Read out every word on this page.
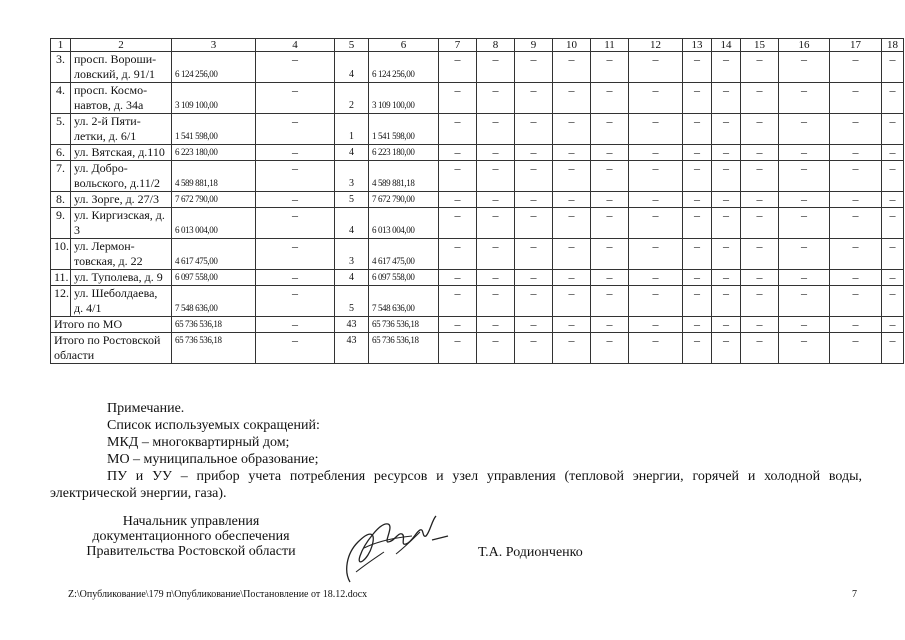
1	2	3	4	5	6	7	8	9	10	11	12	13	14	15	16	17	18
3.	просп. Вороши-ловский, д. 91/1	6 124 256,00	–	4	6 124 256,00	–	–	–	–	–	–	–	–	–	–	–	–
4.	просп. Космо-навтов, д. 34а	3 109 100,00	–	2	3 109 100,00	–	–	–	–	–	–	–	–	–	–	–	–
5.	ул. 2-й Пяти-летки, д. 6/1	1 541 598,00	–	1	1 541 598,00	–	–	–	–	–	–	–	–	–	–	–	–
6.	ул. Вятская, д.110	6 223 180,00	–	4	6 223 180,00	–	–	–	–	–	–	–	–	–	–	–	–
7.	ул. Добро-вольского, д.11/2	4 589 881,18	–	3	4 589 881,18	–	–	–	–	–	–	–	–	–	–	–	–
8.	ул. Зорге, д. 27/3	7 672 790,00	–	5	7 672 790,00	–	–	–	–	–	–	–	–	–	–	–	–
9.	ул. Киргизская, д. 3	6 013 004,00	–	4	6 013 004,00	–	–	–	–	–	–	–	–	–	–	–	–
10.	ул. Лермон-товская, д. 22	4 617 475,00	–	3	4 617 475,00	–	–	–	–	–	–	–	–	–	–	–	–
11.	ул. Туполева, д. 9	6 097 558,00	–	4	6 097 558,00	–	–	–	–	–	–	–	–	–	–	–	–
12.	ул. Шеболдаева, д. 4/1	7 548 636,00	–	5	7 548 636,00	–	–	–	–	–	–	–	–	–	–	–	–
Итого по МО		65 736 536,18	–	43	65 736 536,18	–	–	–	–	–	–	–	–	–	–	–	–
Итого по Ростовской области		65 736 536,18	–	43	65 736 536,18	–	–	–	–	–	–	–	–	–	–	–	–

Примечание.

Список используемых сокращений:

МКД – многоквартирный дом;

МО – муниципальное образование;

ПУ и УУ – прибор учета потребления ресурсов и узел управления (тепловой энергии, горячей и холодной воды, электрической энергии, газа).

Начальник управления
документационного обеспечения
Правительства Ростовской области	Т.А. Родионченко
Z:\Опубликование\179 п\Опубликование\Постановление от 18.12.docx	7
